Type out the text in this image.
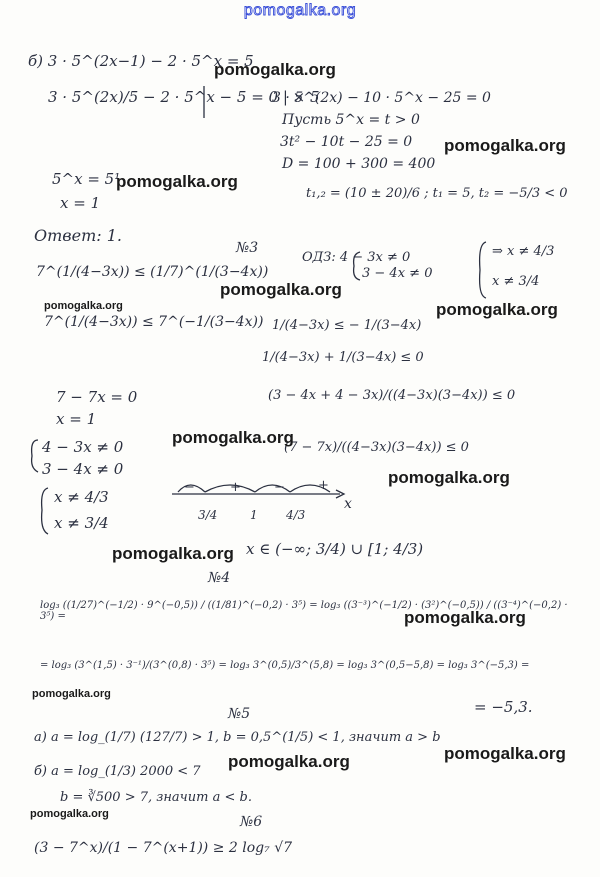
pomogalka.org
б) 3 · 5^(2x−1) − 2 · 5^x = 5
3 · 5^(2x)/5 − 2 · 5^x − 5 = 0 | × 5
3 · 5^(2x) − 10 · 5^x − 25 = 0
Пусть 5^x = t > 0
3t² − 10t − 25 = 0
D = 100 + 300 = 400
t₁,₂ = (10 ± 20)/6 ; t₁ = 5, t₂ = −5/3 < 0
5^x = 5¹
x = 1
Ответ: 1.
№3
7^(1/(4−3x)) ≤ (1/7)^(1/(3−4x))
7^(1/(4−3x)) ≤ 7^(−1/(3−4x))
ОДЗ: 4 − 3x ≠ 0
3 − 4x ≠ 0
⇒ x ≠ 4/3
x ≠ 3/4
1/(4−3x) ≤ − 1/(3−4x)
1/(4−3x) + 1/(3−4x) ≤ 0
(3 − 4x + 4 − 3x)/((4−3x)(3−4x)) ≤ 0
(7 − 7x)/((4−3x)(3−4x)) ≤ 0
7 − 7x = 0
x = 1
4 − 3x ≠ 0
3 − 4x ≠ 0
x ≠ 4/3
x ≠ 3/4
x
3/4	1 4/3
−	+	−	+
x ∈ (−∞; 3/4) ∪ [1; 4/3)
№4
log₃ ((1/27)^(−1/2) · 9^(−0,5)) / ((1/81)^(−0,2) · 3⁵) = log₃ ((3⁻³)^(−1/2) · (3²)^(−0,5)) / ((3⁻⁴)^(−0,2) · 3⁵) =
= log₃ (3^(1,5) · 3⁻¹)/(3^(0,8) · 3⁵) = log₃ 3^(0,5)/3^(5,8) = log₃ 3^(0,5−5,8) = log₃ 3^(−5,3) =
= −5,3.
№5
а) a = log_(1/7) (127/7) > 1, b = 0,5^(1/5) < 1, значит a > b
б) a = log_(1/3) 2000 < 7
b = ∛500 > 7, значит a < b.
№6
(3 − 7^x)/(1 − 7^(x+1)) ≥ 2 log₇ √7
pomogalka.org
pomogalka.org
pomogalka.org
pomogalka.org
pomogalka.org	pomogalka.org
pomogalka.org
pomogalka.org
pomogalka.org
pomogalka.org
pomogalka.org
pomogalka.org
pomogalka.org
pomogalka.org
